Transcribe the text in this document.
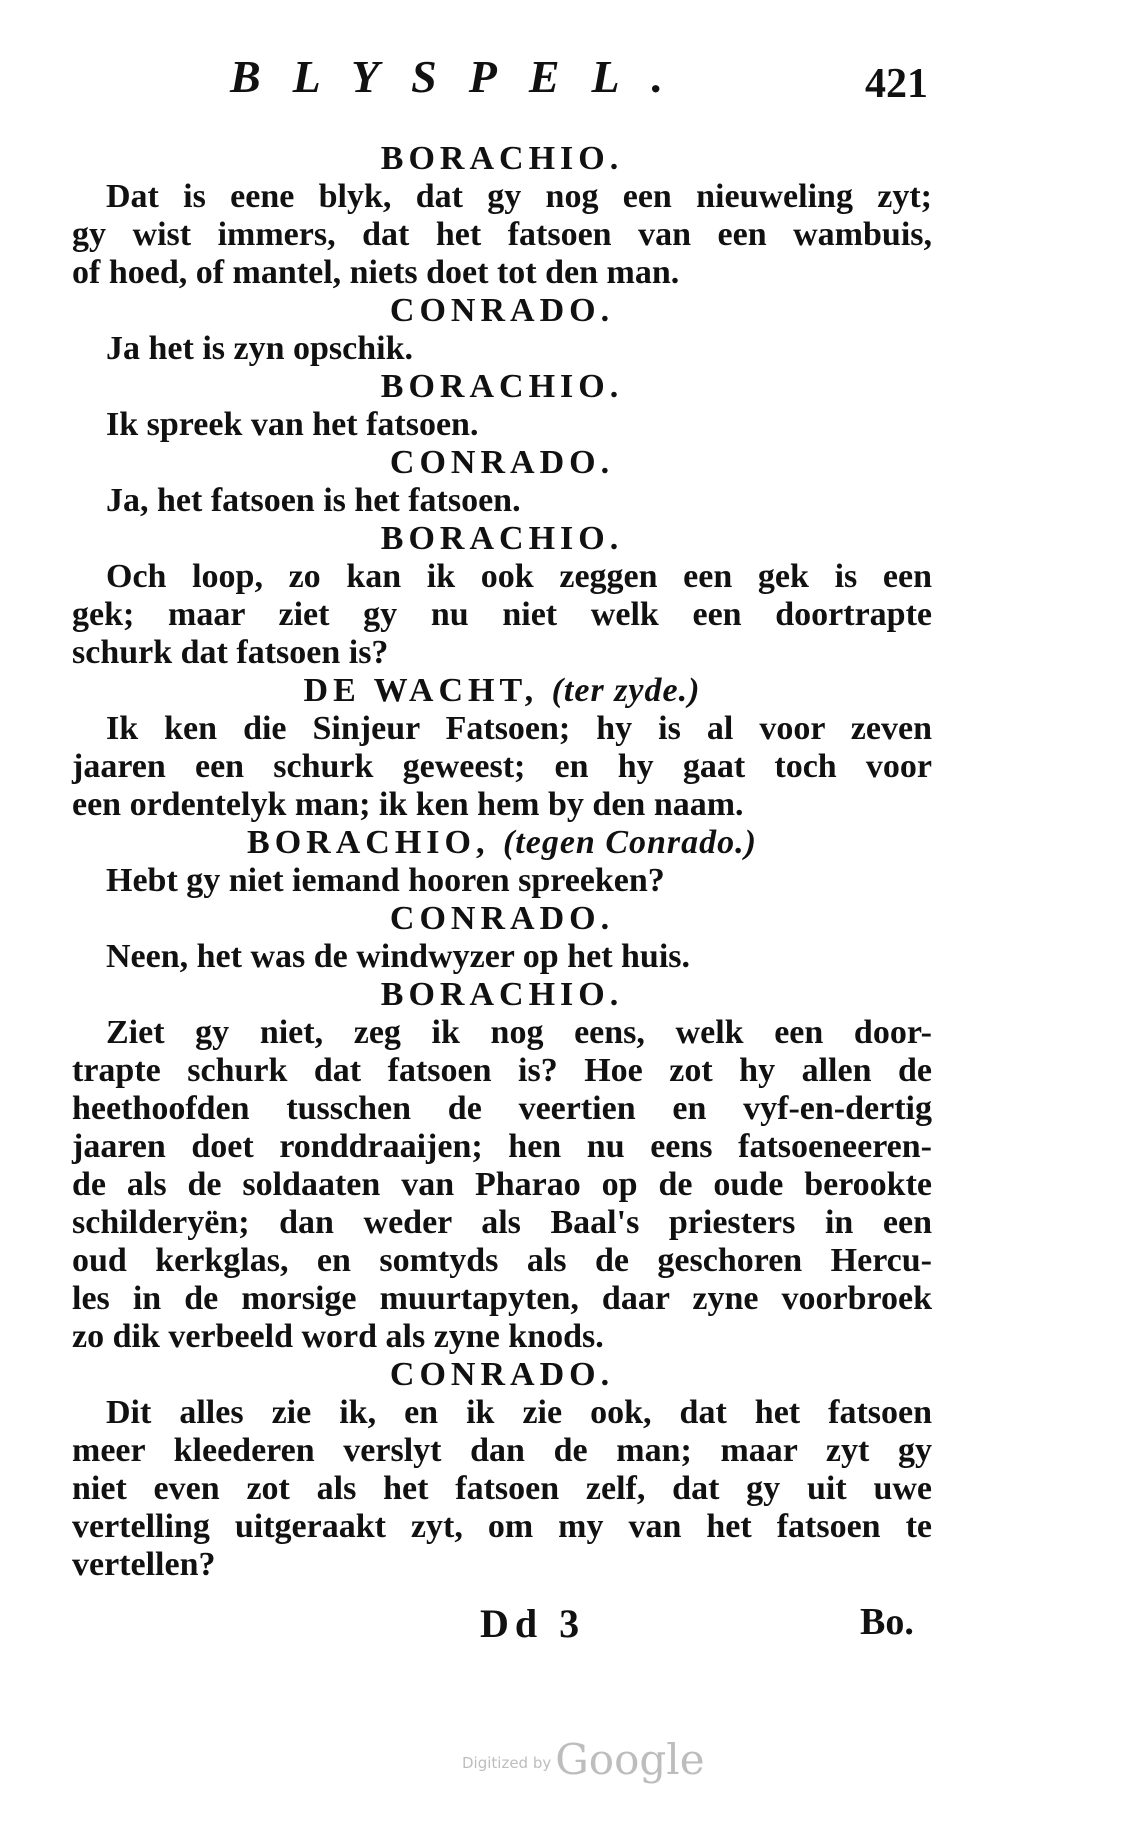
BLYSPEL.	421
BORACHIO.
Dat is eene blyk, dat gy nog een nieuweling zyt;
gy wist immers, dat het fatsoen van een wambuis,
of hoed, of mantel, niets doet tot den man.
CONRADO.
Ja het is zyn opschik.
BORACHIO.
Ik spreek van het fatsoen.
CONRADO.
Ja, het fatsoen is het fatsoen.
BORACHIO.
Och loop, zo kan ik ook zeggen een gek is een
gek; maar ziet gy nu niet welk een doortrapte
schurk dat fatsoen is?
DE WACHT, (ter zyde.)
Ik ken die Sinjeur Fatsoen; hy is al voor zeven
jaaren een schurk geweest; en hy gaat toch voor
een ordentelyk man; ik ken hem by den naam.
BORACHIO, (tegen Conrado.)
Hebt gy niet iemand hooren spreeken?
CONRADO.
Neen, het was de windwyzer op het huis.
BORACHIO.
Ziet gy niet, zeg ik nog eens, welk een door-
trapte schurk dat fatsoen is? Hoe zot hy allen de
heethoofden tusschen de veertien en vyf-en-dertig
jaaren doet ronddraaijen; hen nu eens fatsoeneeren-
de als de soldaaten van Pharao op de oude berookte
schilderyën; dan weder als Baal's priesters in een
oud kerkglas, en somtyds als de geschoren Hercu-
les in de morsige muurtapyten, daar zyne voorbroek
zo dik verbeeld word als zyne knods.
CONRADO.
Dit alles zie ik, en ik zie ook, dat het fatsoen
meer kleederen verslyt dan de man; maar zyt gy
niet even zot als het fatsoen zelf, dat gy uit uwe
vertelling uitgeraakt zyt, om my van het fatsoen te
vertellen?
Dd 3	Bo.
Digitized by Google
